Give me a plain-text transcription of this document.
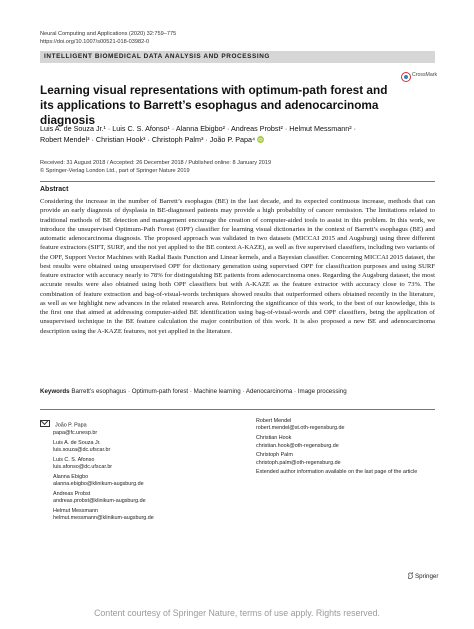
Neural Computing and Applications (2020) 32:759–775
https://doi.org/10.1007/s00521-018-03982-0
INTELLIGENT BIOMEDICAL DATA ANALYSIS AND PROCESSING
CrossMark
Learning visual representations with optimum-path forest and its applications to Barrett’s esophagus and adenocarcinoma diagnosis
Luis A. de Souza Jr.¹ · Luis C. S. Afonso¹ · Alanna Ebigbo² · Andreas Probst² · Helmut Messmann² ·
Robert Mendel³ · Christian Hook³ · Christoph Palm³ · João P. Papa⁴ iD
Received: 31 August 2018 / Accepted: 26 December 2018 / Published online: 8 January 2019
© Springer-Verlag London Ltd., part of Springer Nature 2019
Abstract
Considering the increase in the number of Barrett’s esophagus (BE) in the last decade, and its expected continuous increase, methods that can provide an early diagnosis of dysplasia in BE-diagnosed patients may provide a high probability of cancer remission. The limitations related to traditional methods of BE detection and management encourage the creation of computer-aided tools to assist in this problem. In this work, we introduce the unsupervised Optimum-Path Forest (OPF) classifier for learning visual dictionaries in the context of Barrett’s esophagus (BE) and automatic adenocarcinoma diagnosis. The proposed approach was validated in two datasets (MICCAI 2015 and Augsburg) using three different feature extractors (SIFT, SURF, and the not yet applied to the BE context A-KAZE), as well as five supervised classifiers, including two variants of the OPF, Support Vector Machines with Radial Basis Function and Linear kernels, and a Bayesian classifier. Concerning MICCAI 2015 dataset, the best results were obtained using unsupervised OPF for dictionary generation using supervised OPF for classification purposes and using SURF feature extractor with accuracy nearly to 78% for distinguishing BE patients from adenocarcinoma ones. Regarding the Augsburg dataset, the most accurate results were also obtained using both OPF classifiers but with A-KAZE as the feature extractor with accuracy close to 73%. The combination of feature extraction and bag-of-visual-words techniques showed results that outperformed others obtained recently in the literature, as well as we highlight new advances in the related research area. Reinforcing the significance of this work, to the best of our knowledge, this is the first one that aimed at addressing computer-aided BE identification using bag-of-visual-words and OPF classifiers, being the application of unsupervised technique in the BE feature calculation the major contribution of this work. It is also proposed a new BE and adenocarcinoma description using the A-KAZE features, not yet applied in the literature.
Keywords Barrett’s esophagus · Optimum-path forest · Machine learning · Adenocarcinoma · Image processing
João P. Papa
papa@fc.unesp.br
Luis A. de Souza Jr.
luis.souza@dc.ufscar.br
Luis C. S. Afonso
luis.afonso@dc.ufscar.br
Alanna Ebigbo
alanna.ebigbo@klinikum-augsburg.de
Andreas Probst
andreas.probst@klinikum-augsburg.de
Helmut Messmann
helmut.messmann@klinikum-augsburg.de
Robert Mendel
robert.mendel@st.oth-regensburg.de
Christian Hook
christian.hook@oth-regensburg.de
Christoph Palm
christoph.palm@oth-regensburg.de
Extended author information available on the last page of the article
Springer
Content courtesy of Springer Nature, terms of use apply. Rights reserved.
